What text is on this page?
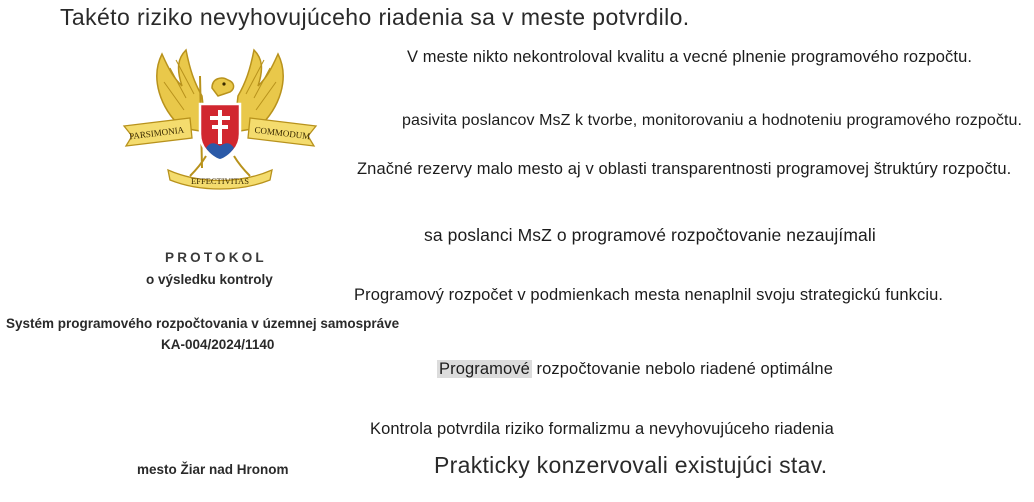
Takéto riziko nevyhovujúceho riadenia sa v meste potvrdilo.
PARSIMONIA	COMMODUM
EFFECTIVITAS
V meste nikto nekontroloval kvalitu a vecné plnenie programového rozpočtu.
pasivita poslancov MsZ k tvorbe, monitorovaniu a hodnoteniu programového rozpočtu.
Značné rezervy malo mesto aj v oblasti transparentnosti programovej štruktúry rozpočtu.
sa poslanci MsZ o programové rozpočtovanie nezaujímali
Programový rozpočet v podmienkach mesta nenaplnil svoju strategickú funkciu.
Programové rozpočtovanie nebolo riadené optimálne
Kontrola potvrdila riziko formalizmu a nevyhovujúceho riadenia
Prakticky konzervovali existujúci stav.
PROTOKOL
o výsledku kontroly
Systém programového rozpočtovania v územnej samospráve
KA-004/2024/1140
mesto Žiar nad Hronom
